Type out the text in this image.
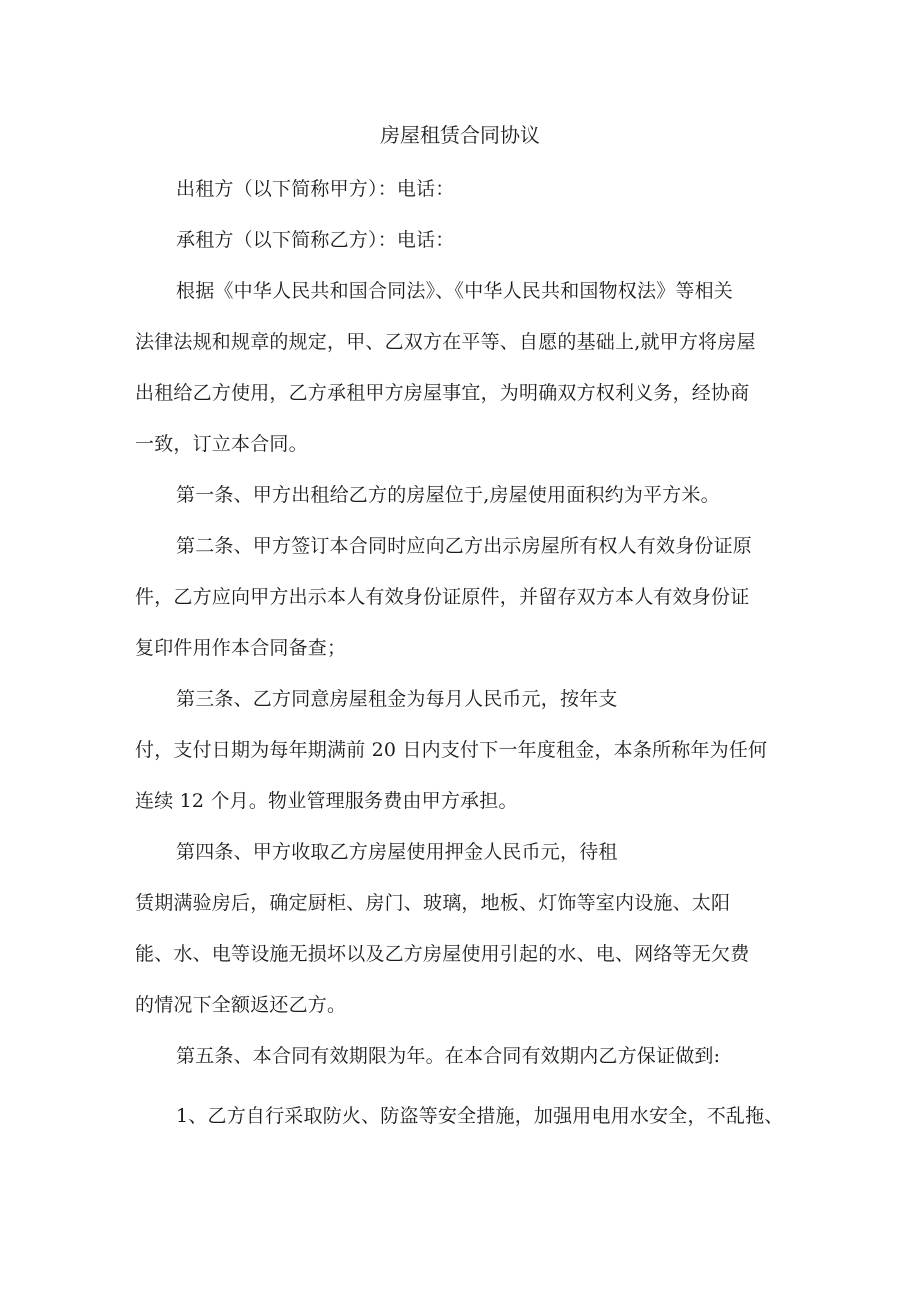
房屋租赁合同协议
出租方（以下简称甲方）：电话：
承租方（以下简称乙方）：电话：
根据《中华人民共和国合同法》、《中华人民共和国物权法》等相关
法律法规和规章的规定，甲、乙双方在平等、自愿的基础上,就甲方将房屋
出租给乙方使用，乙方承租甲方房屋事宜，为明确双方权利义务，经协商
一致，订立本合同。
第一条、甲方出租给乙方的房屋位于,房屋使用面积约为平方米。
第二条、甲方签订本合同时应向乙方出示房屋所有权人有效身份证原
件，乙方应向甲方出示本人有效身份证原件，并留存双方本人有效身份证
复印件用作本合同备查；
第三条、乙方同意房屋租金为每月人民币元，按年支
付，支付日期为每年期满前 20 日内支付下一年度租金，本条所称年为任何
连续 12 个月。物业管理服务费由甲方承担。
第四条、甲方收取乙方房屋使用押金人民币元，待租
赁期满验房后，确定厨柜、房门、玻璃，地板、灯饰等室内设施、太阳
能、水、电等设施无损坏以及乙方房屋使用引起的水、电、网络等无欠费
的情况下全额返还乙方。
第五条、本合同有效期限为年。在本合同有效期内乙方保证做到:
1、乙方自行采取防火、防盗等安全措施，加强用电用水安全，不乱拖、
